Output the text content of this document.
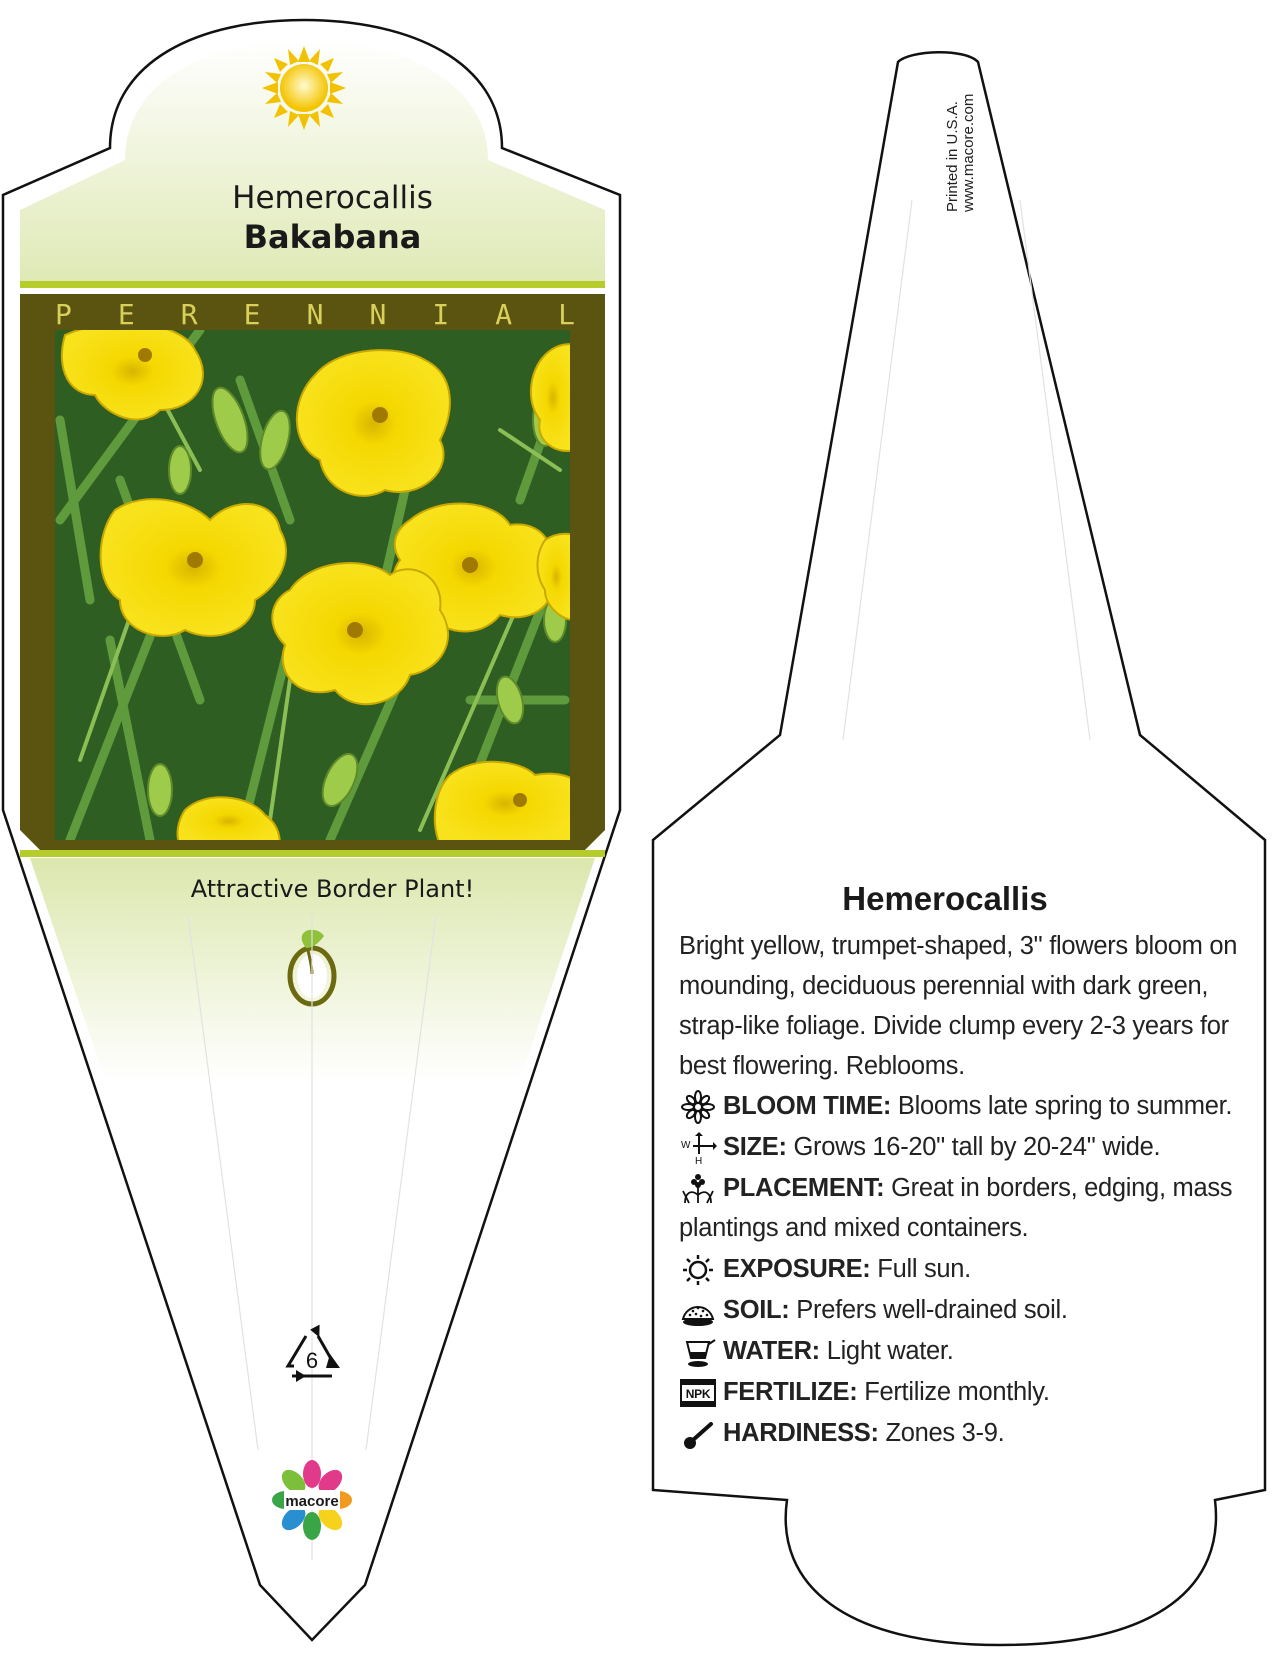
6
macore
Hemerocallis
Bakabana
P E R E N N I A L
Attractive Border Plant!
Printed in U.S.A. www.macore.com
Hemerocallis
Bright yellow, trumpet-shaped, 3" flowers bloom on mounding, deciduous perennial with dark green, strap-like foliage. Divide clump every 2-3 years for best flowering. Reblooms.
BLOOM TIME: Blooms late spring to summer.
W
H
SIZE: Grows 16-20" tall by 20-24" wide.
PLACEMENT: Great in borders, edging, mass plantings and mixed containers.
EXPOSURE: Full sun.
SOIL: Prefers well-drained soil.
WATER: Light water.
NPK FERTILIZE: Fertilize monthly.
HARDINESS: Zones 3-9.
